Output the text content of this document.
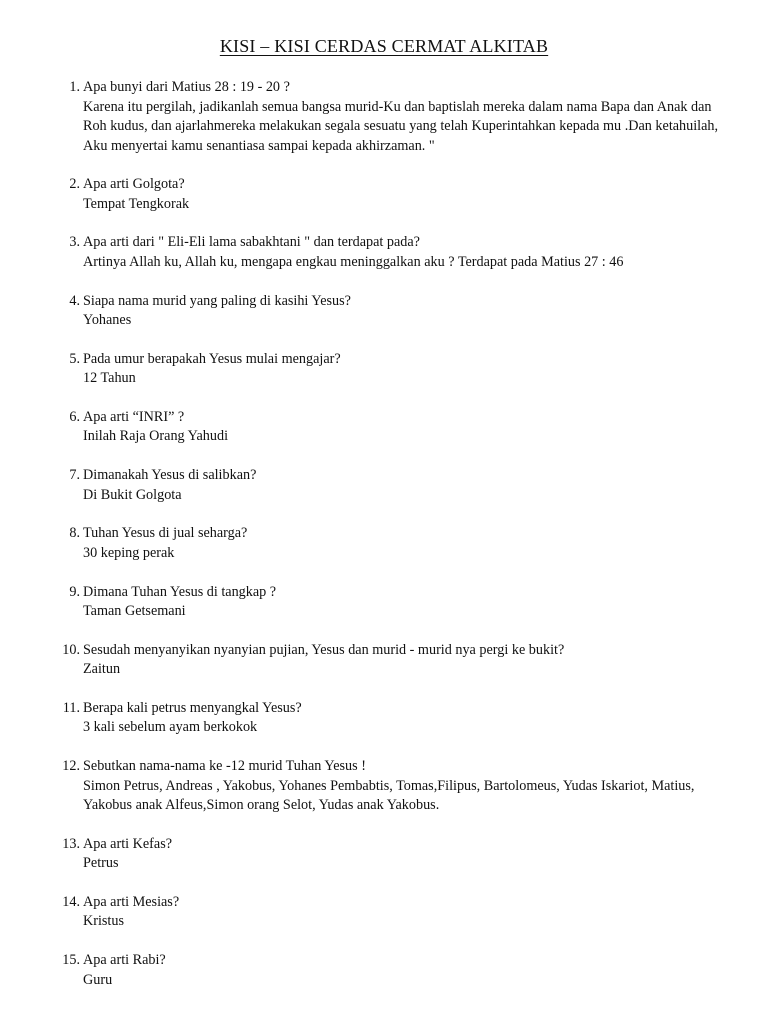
KISI – KISI CERDAS CERMAT ALKITAB
1. Apa bunyi dari Matius 28 : 19 - 20 ?
Karena itu pergilah, jadikanlah semua bangsa murid-Ku dan baptislah mereka dalam nama Bapa dan Anak dan Roh kudus, dan ajarlahmereka melakukan segala sesuatu yang telah Kuperintahkan kepada mu .Dan ketahuilah, Aku menyertai kamu senantiasa sampai kepada akhirzaman. "
2. Apa arti Golgota?
Tempat Tengkorak
3. Apa arti dari " Eli-Eli lama sabakhtani " dan terdapat pada?
Artinya Allah ku, Allah ku, mengapa engkau meninggalkan aku ? Terdapat pada Matius 27 : 46
4. Siapa nama murid yang paling di kasihi Yesus?
Yohanes
5. Pada umur berapakah Yesus mulai mengajar?
12 Tahun
6. Apa arti “INRI” ?
Inilah Raja Orang Yahudi
7. Dimanakah Yesus di salibkan?
Di Bukit Golgota
8. Tuhan Yesus di jual seharga?
30 keping perak
9. Dimana Tuhan Yesus di tangkap ?
Taman Getsemani
10. Sesudah menyanyikan nyanyian pujian, Yesus dan murid - murid nya pergi ke bukit?
Zaitun
11. Berapa kali petrus menyangkal Yesus?
3 kali sebelum ayam berkokok
12. Sebutkan nama-nama ke -12 murid Tuhan Yesus !
Simon Petrus, Andreas , Yakobus, Yohanes Pembabtis, Tomas,Filipus, Bartolomeus, Yudas Iskariot, Matius, Yakobus anak Alfeus,Simon orang Selot, Yudas anak Yakobus.
13. Apa arti Kefas?
Petrus
14. Apa arti Mesias?
Kristus
15. Apa arti Rabi?
Guru
